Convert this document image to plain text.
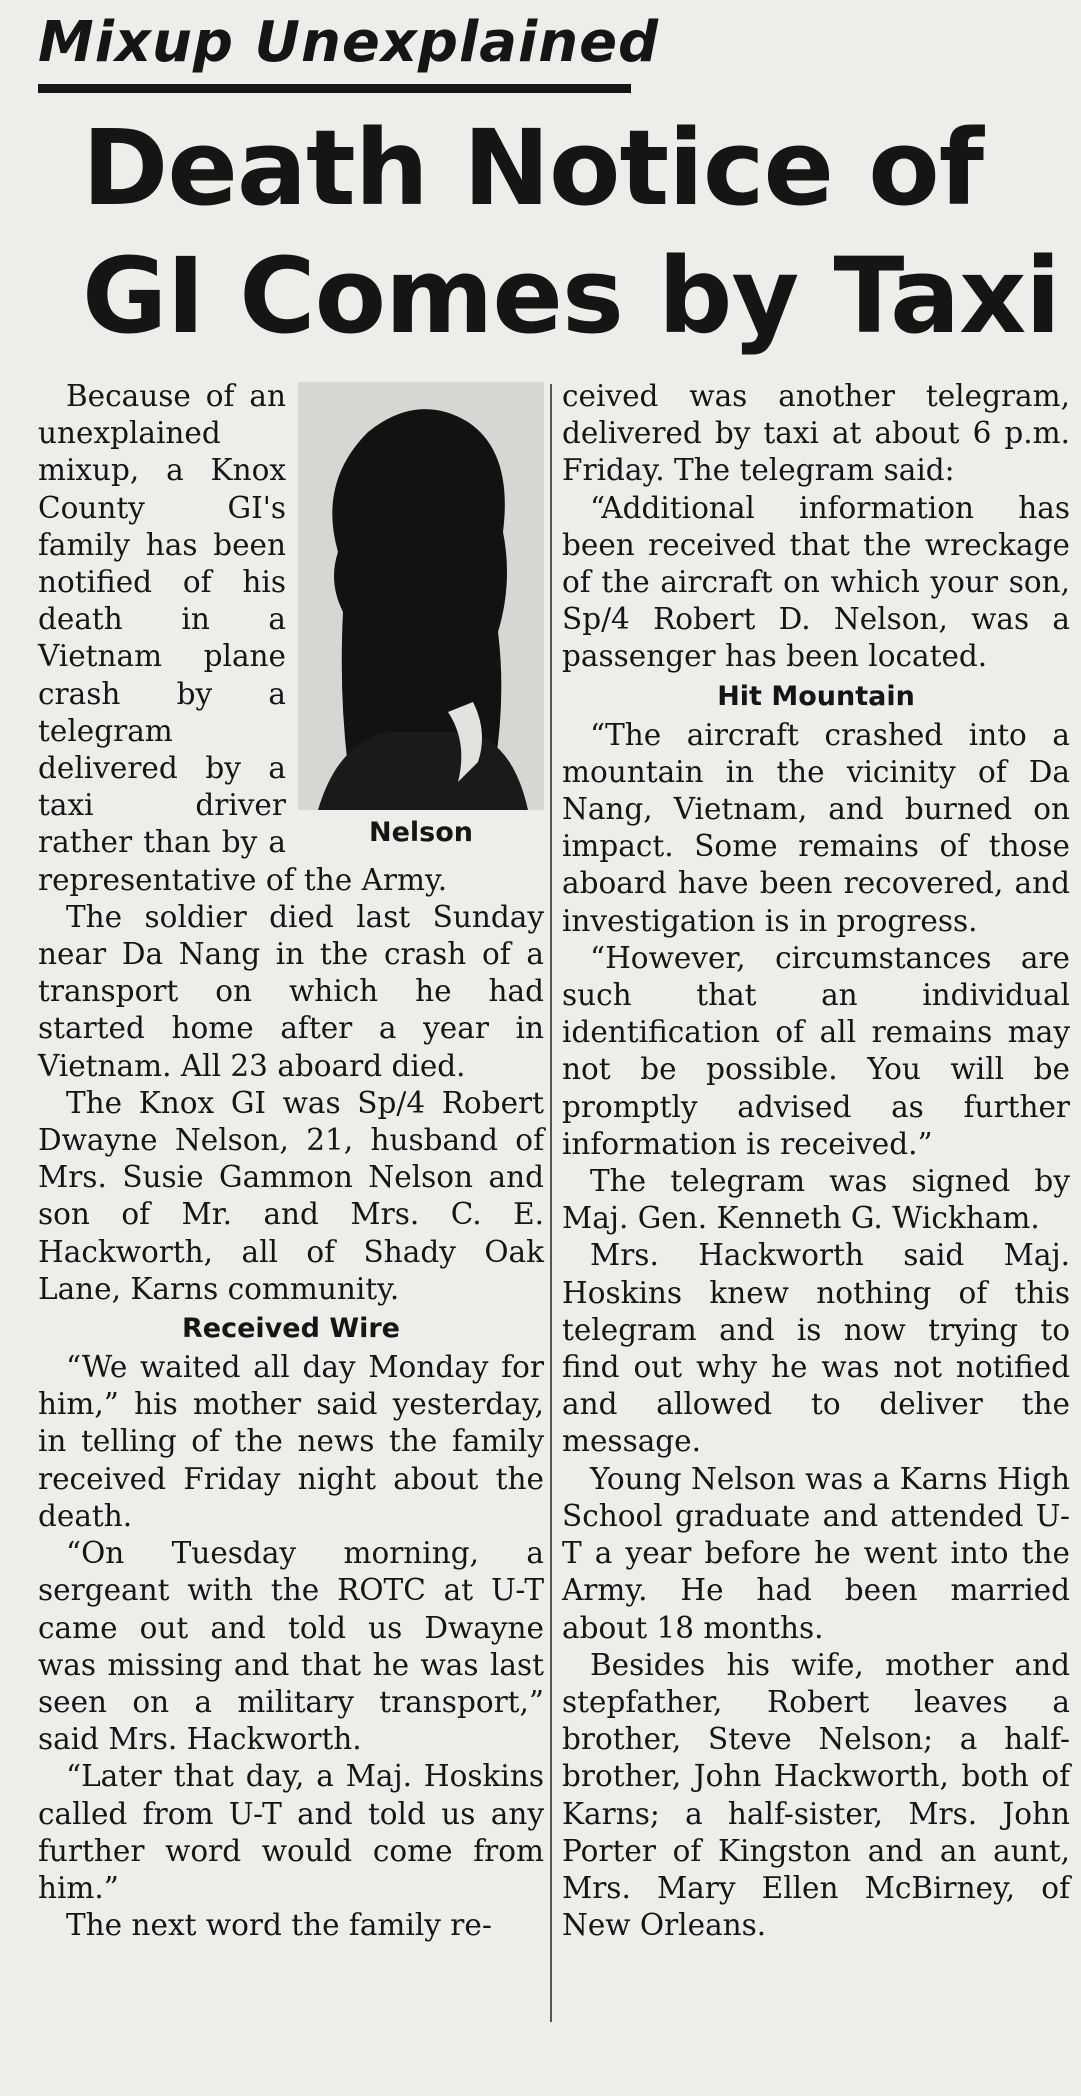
Mixup Unexplained
Death Notice of GI Comes by Taxi
Nelson

Because of an unexplained mixup, a Knox County GI's family has been notified of his death in a Vietnam plane crash by a telegram delivered by a taxi driver rather than by a representative of the Army.

The soldier died last Sunday near Da Nang in the crash of a transport on which he had started home after a year in Vietnam. All 23 aboard died.

The Knox GI was Sp/4 Robert Dwayne Nelson, 21, husband of Mrs. Susie Gammon Nelson and son of Mr. and Mrs. C. E. Hackworth, all of Shady Oak Lane, Karns community.

Received Wire

“We waited all day Monday for him,” his mother said yesterday, in telling of the news the family received Friday night about the death.

“On Tuesday morning, a sergeant with the ROTC at U-T came out and told us Dwayne was missing and that he was last seen on a military transport,” said Mrs. Hackworth.

“Later that day, a Maj. Hoskins called from U-T and told us any further word would come from him.”

The next word the family re-

ceived was another telegram, delivered by taxi at about 6 p.m. Friday. The telegram said:

“Additional information has been received that the wreckage of the aircraft on which your son, Sp/4 Robert D. Nelson, was a passenger has been located.

Hit Mountain

“The aircraft crashed into a mountain in the vicinity of Da Nang, Vietnam, and burned on impact. Some remains of those aboard have been recovered, and investigation is in progress.

“However, circumstances are such that an individual identification of all remains may not be possible. You will be promptly advised as further information is received.”

The telegram was signed by Maj. Gen. Kenneth G. Wickham.

Mrs. Hackworth said Maj. Hoskins knew nothing of this telegram and is now trying to find out why he was not notified and allowed to deliver the message.

Young Nelson was a Karns High School graduate and attended U-T a year before he went into the Army. He had been married about 18 months.

Besides his wife, mother and stepfather, Robert leaves a brother, Steve Nelson; a half-brother, John Hackworth, both of Karns; a half-sister, Mrs. John Porter of Kingston and an aunt, Mrs. Mary Ellen McBirney, of New Orleans.
